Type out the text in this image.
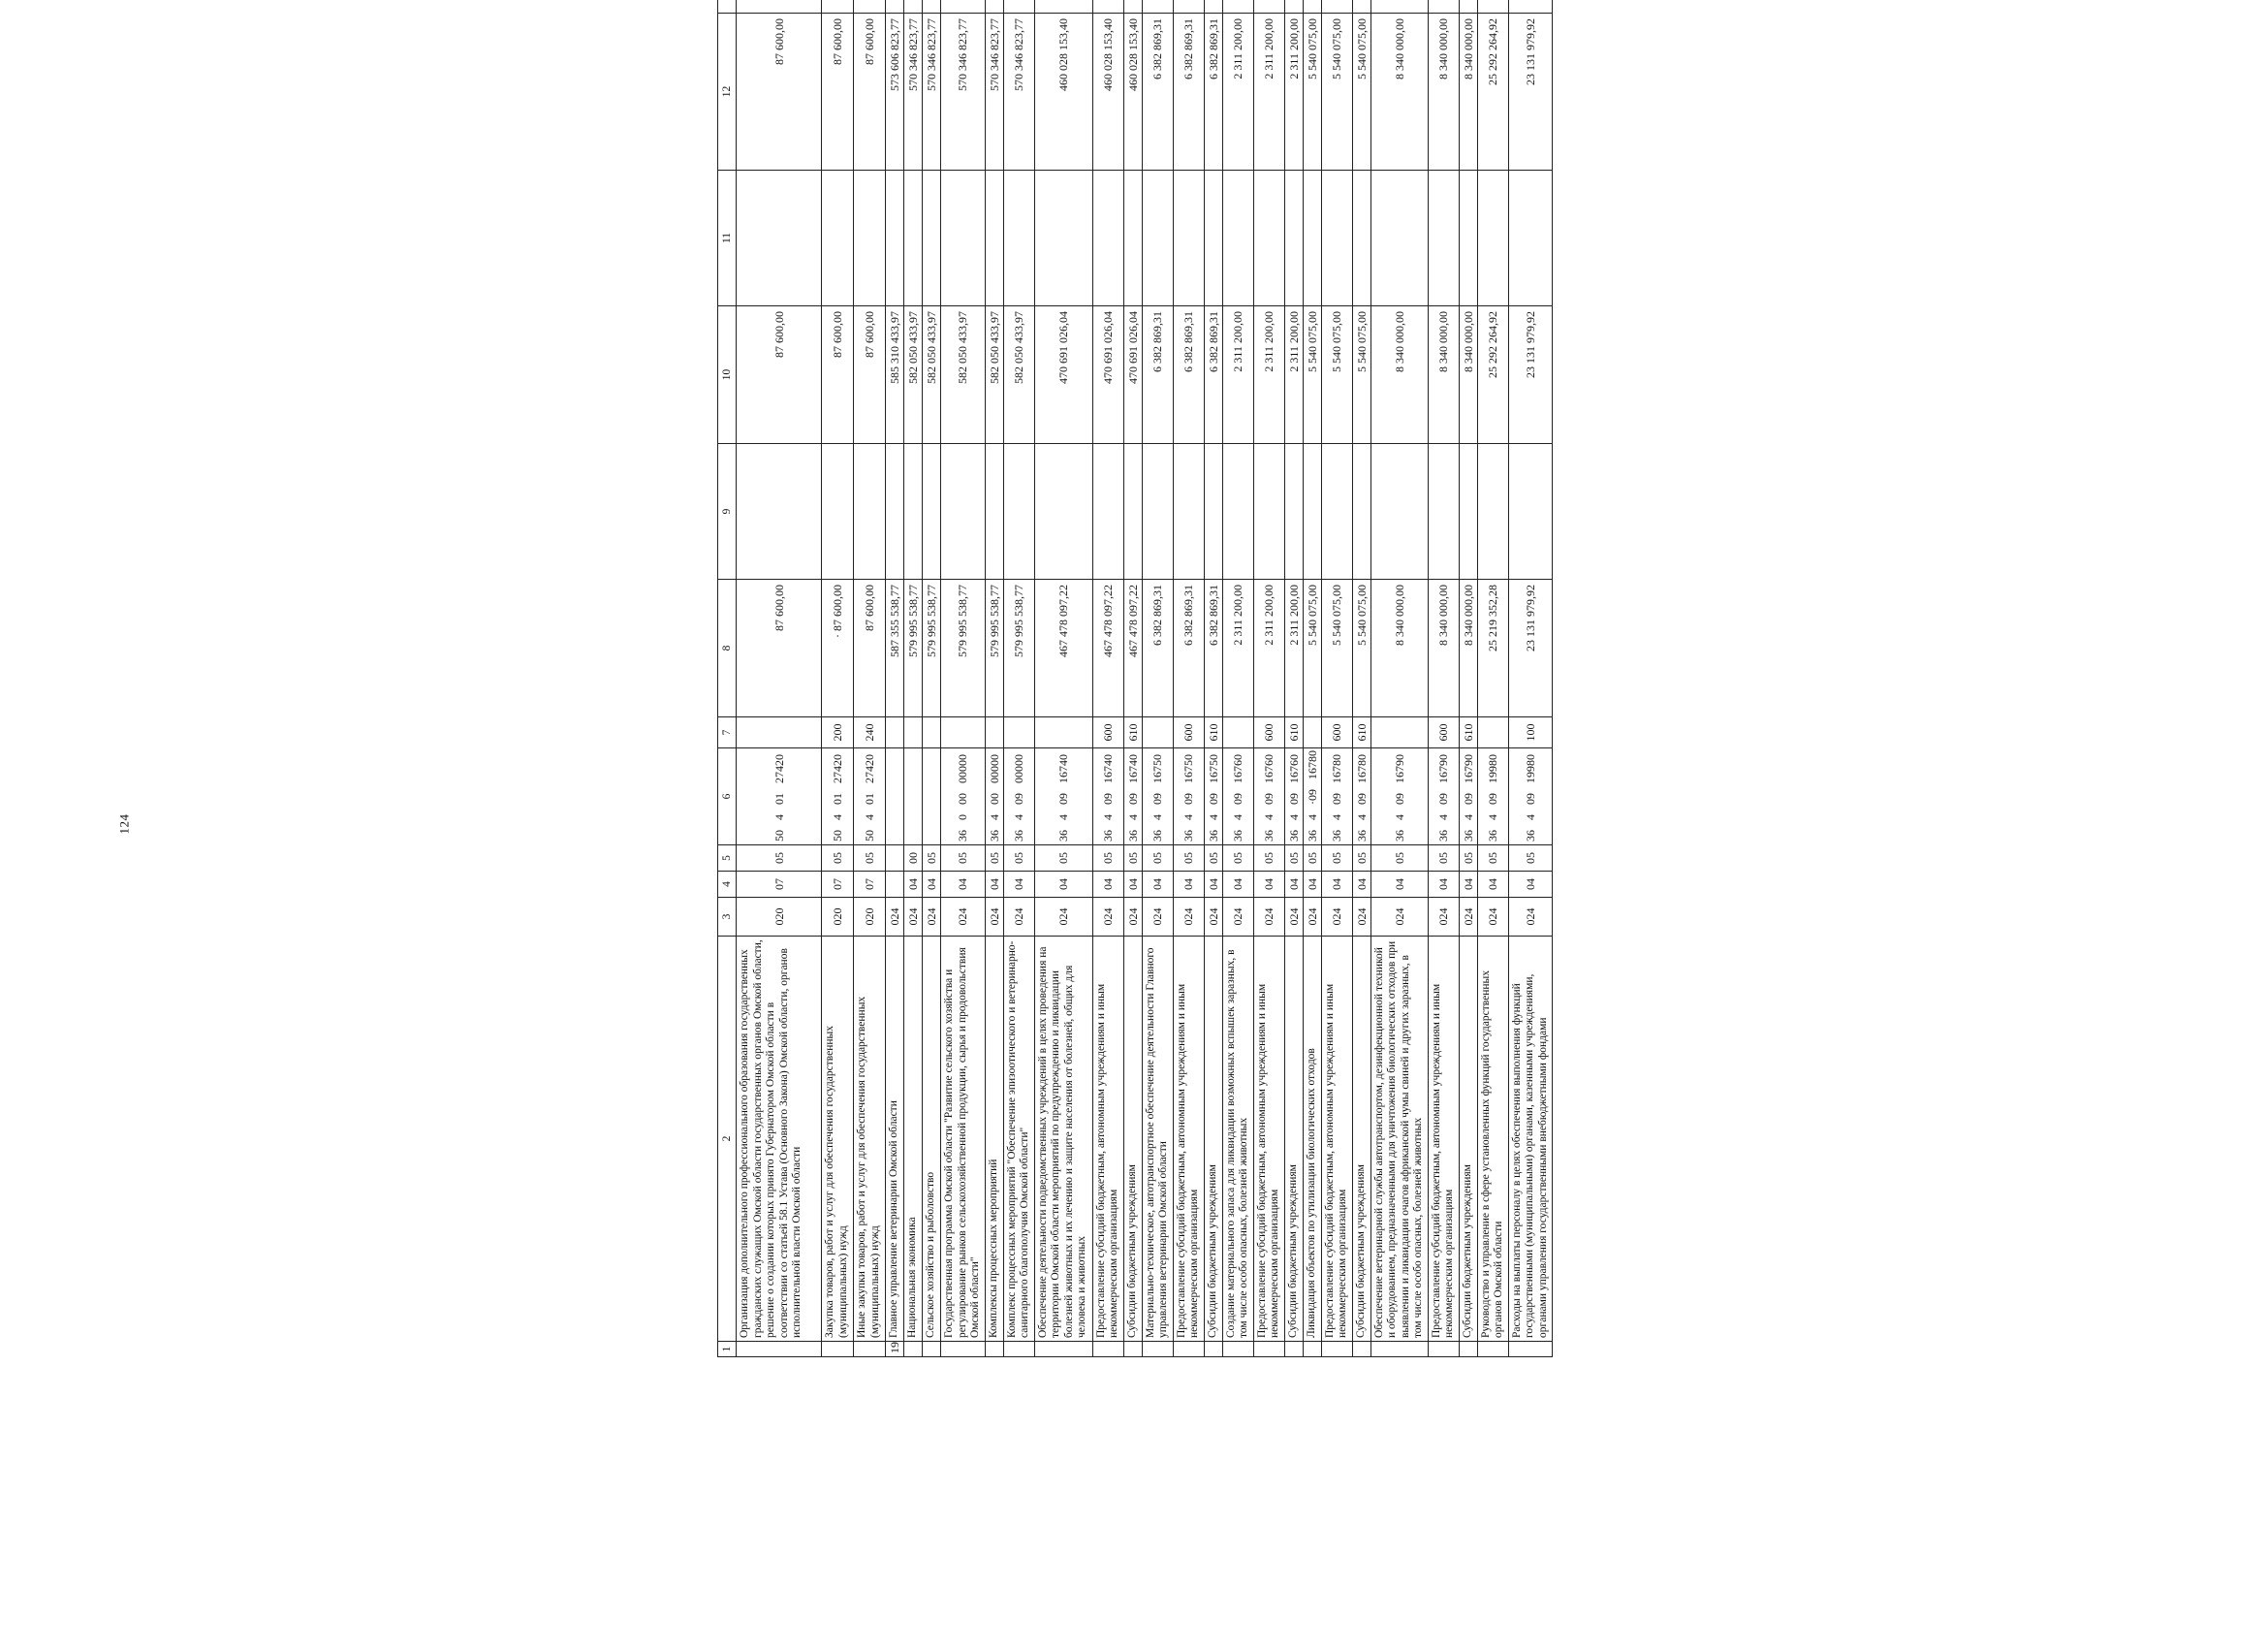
124
1	2	3	4	5	6	7	8	9	10	11	12	
	Организация дополнительного профессионального образования государственных гражданских служащих Омской области государственных органов Омской области, решение о создании которых принято Губернатором Омской области в соответствии со статьей 58.1 Устава (Основного Закона) Омской области, органов исполнительной власти Омской области	020	07	05	50 4 01 27420		87 600,00		87 600,00		87 600,00	
	Закупка товаров, работ и услуг для обеспечения государственных (муниципальных) нужд	020	07	05	50 4 01 27420	200	· 87 600,00		87 600,00		87 600,00	
	Иные закупки товаров, работ и услуг для обеспечения государственных (муниципальных) нужд	020	07	05	50 4 01 27420	240	87 600,00		87 600,00		87 600,00	
19	Главное управление ветеринарии Омской области	024					587 355 538,77		585 310 433,97		573 606 823,77	
	Национальная экономика	024	04	00			579 995 538,77		582 050 433,97		570 346 823,77	
	Сельское хозяйство и рыболовство	024	04	05			579 995 538,77		582 050 433,97		570 346 823,77	
	Государственная программа Омской области "Развитие сельского хозяйства и регулирование рынков сельскохозяйственной продукции, сырья и продовольствия Омской области"	024	04	05	36 0 00 00000		579 995 538,77		582 050 433,97		570 346 823,77	
	Комплексы процессных мероприятий	024	04	05	36 4 00 00000		579 995 538,77		582 050 433,97		570 346 823,77	
	Комплекс процессных мероприятий "Обеспечение эпизоотического и ветеринарно-санитарного благополучия Омской области"	024	04	05	36 4 09 00000		579 995 538,77		582 050 433,97		570 346 823,77	
	Обеспечение деятельности подведомственных учреждений в целях проведения на территории Омской области мероприятий по предупреждению и ликвидации болезней животных и их лечению и защите населения от болезней, общих для человека и животных	024	04	05	36 4 09 16740		467 478 097,22		470 691 026,04		460 028 153,40	
	Предоставление субсидий бюджетным, автономным учреждениям и иным некоммерческим организациям	024	04	05	36 4 09 16740	600	467 478 097,22		470 691 026,04		460 028 153,40	
	Субсидии бюджетным учреждениям	024	04	05	36 4 09 16740	610	467 478 097,22		470 691 026,04		460 028 153,40	
	Материально-техническое, автотранспортное обеспечение деятельности Главного управления ветеринарии Омской области	024	04	05	36 4 09 16750		6 382 869,31		6 382 869,31		6 382 869,31	
	Предоставление субсидий бюджетным, автономным учреждениям и иным некоммерческим организациям	024	04	05	36 4 09 16750	600	6 382 869,31		6 382 869,31		6 382 869,31	
	Субсидии бюджетным учреждениям	024	04	05	36 4 09 16750	610	6 382 869,31		6 382 869,31		6 382 869,31	
	Создание материального запаса для ликвидации возможных вспышек заразных, в том числе особо опасных, болезней животных	024	04	05	36 4 09 16760		2 311 200,00		2 311 200,00		2 311 200,00	
	Предоставление субсидий бюджетным, автономным учреждениям и иным некоммерческим организациям	024	04	05	36 4 09 16760	600	2 311 200,00		2 311 200,00		2 311 200,00	
	Субсидии бюджетным учреждениям	024	04	05	36 4 09 16760	610	2 311 200,00		2 311 200,00		2 311 200,00	
	Ликвидация объектов по утилизации биологических отходов	024	04	05	36 4 ·09 16780		5 540 075,00		5 540 075,00		5 540 075,00	
	Предоставление субсидий бюджетным, автономным учреждениям и иным некоммерческим организациям	024	04	05	36 4 09 16780	600	5 540 075,00		5 540 075,00		5 540 075,00	
	Субсидии бюджетным учреждениям	024	04	05	36 4 09 16780	610	5 540 075,00		5 540 075,00		5 540 075,00	
	Обеспечение ветеринарной службы автотранспортом, дезинфекционной техникой и оборудованием, предназначенными для уничтожения биологических отходов при выявлении и ликвидации очагов африканской чумы свиней и других заразных, в том числе особо опасных, болезней животных	024	04	05	36 4 09 16790		8 340 000,00		8 340 000,00		8 340 000,00	
	Предоставление субсидий бюджетным, автономным учреждениям и иным некоммерческим организациям	024	04	05	36 4 09 16790	600	8 340 000,00		8 340 000,00		8 340 000,00	
	Субсидии бюджетным учреждениям	024	04	05	36 4 09 16790	610	8 340 000,00		8 340 000,00		8 340 000,00	
	Руководство и управление в сфере установленных функций государственных органов Омской области	024	04	05	36 4 09 19980		25 219 352,28		25 292 264,92		25 292 264,92	
	Расходы на выплаты персоналу в целях обеспечения выполнения функций государственными (муниципальными) органами, казенными учреждениями, органами управления государственными внебюджетными фондами	024	04	05	36 4 09 19980	100	23 131 979,92		23 131 979,92		23 131 979,92	
